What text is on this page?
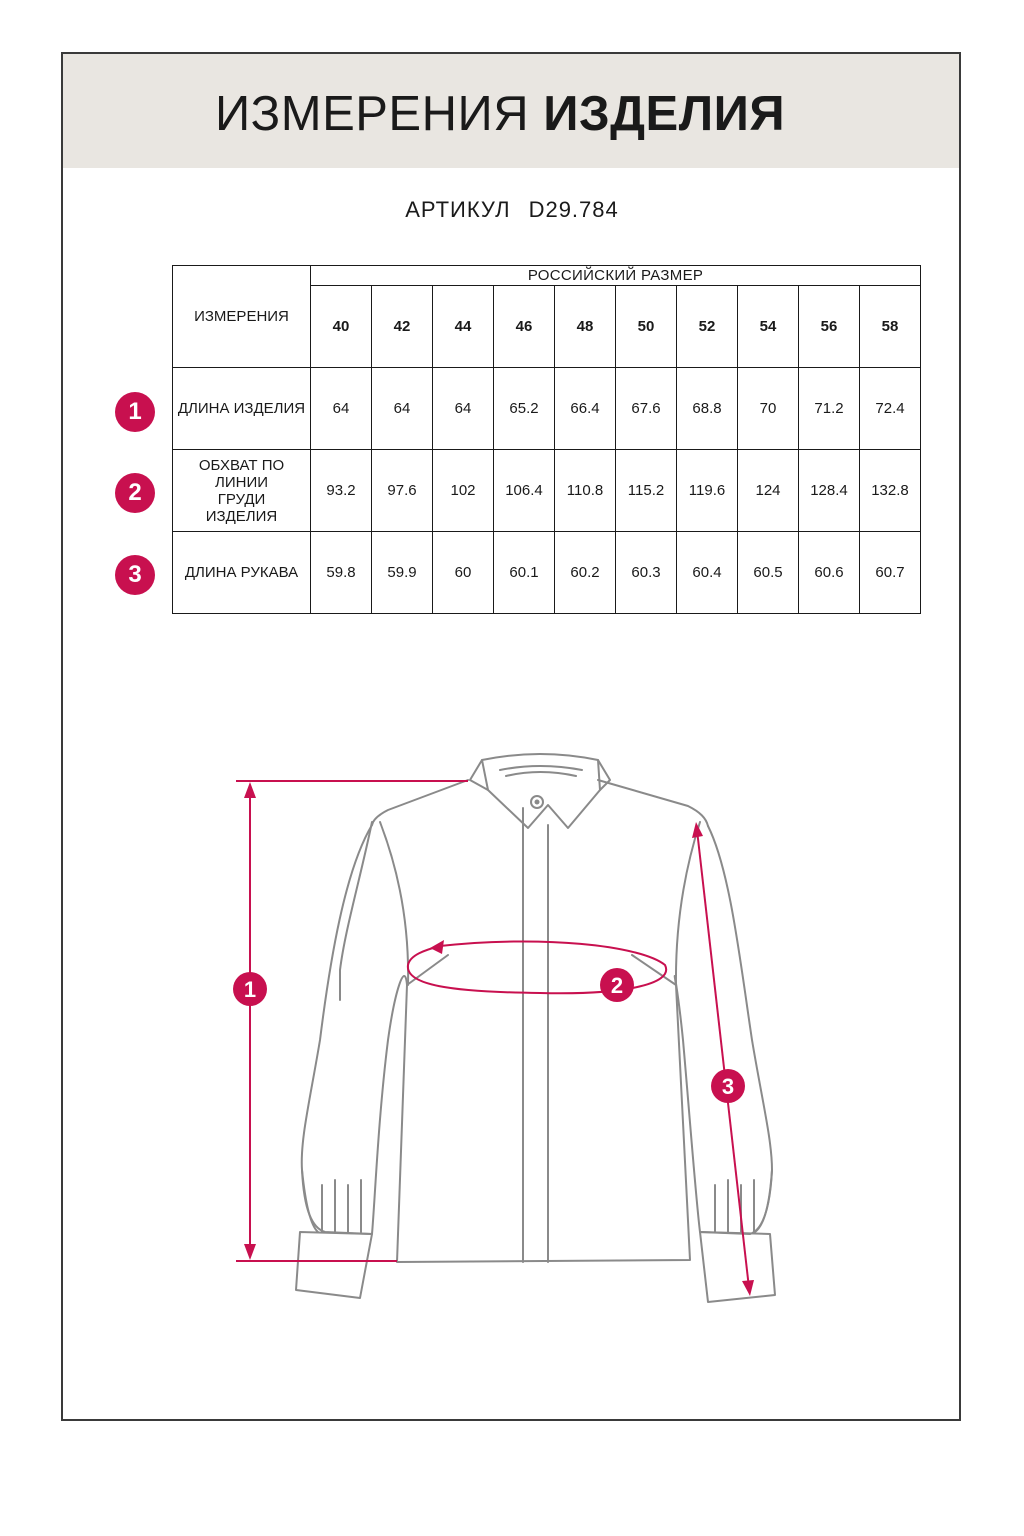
ИЗМЕРЕНИЯ ИЗДЕЛИЯ
АРТИКУЛ D29.784
ИЗМЕРЕНИЯ	РОССИЙСКИЙ РАЗМЕР									
	40	42	44	46	48	50	52	54	56	58
ДЛИНА ИЗДЕЛИЯ	64	64	64	65.2	66.4	67.6	68.8	70	71.2	72.4
ОБХВАТ ПО ЛИНИИ ГРУДИ ИЗДЕЛИЯ	93.2	97.6	102	106.4	110.8	115.2	119.6	124	128.4	132.8
ДЛИНА РУКАВА	59.8	59.9	60	60.1	60.2	60.3	60.4	60.5	60.6	60.7
1
2
3
1	2
3
